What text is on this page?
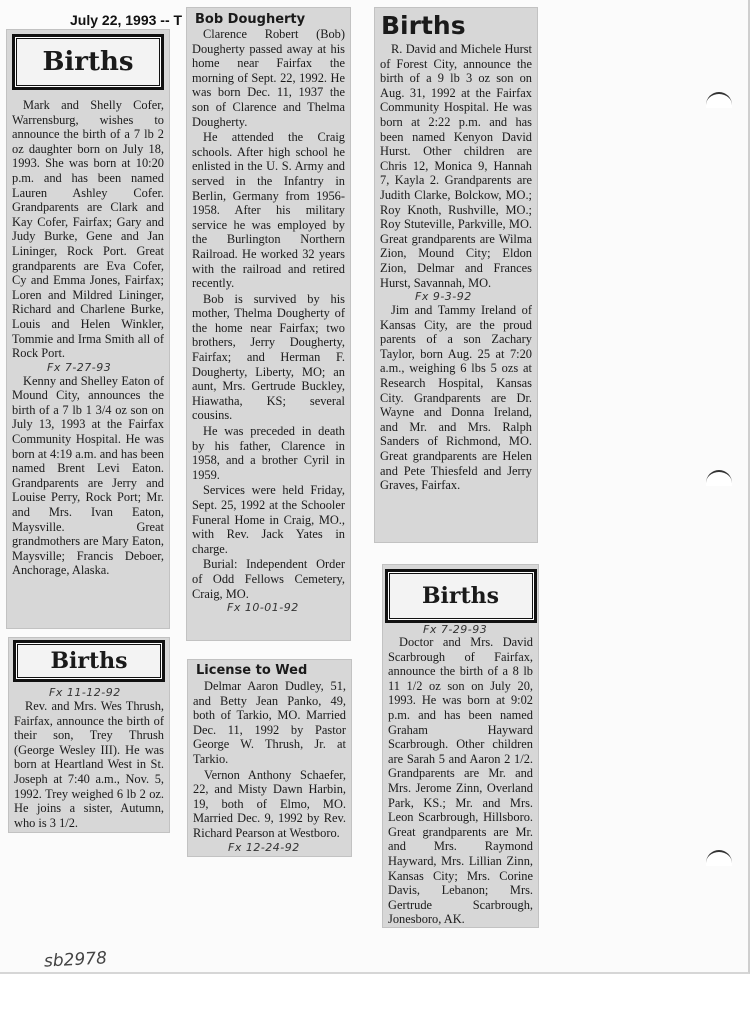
July 22, 1993 -- T
Births

Mark and Shelly Cofer, Warrensburg, wishes to announce the birth of a 7 lb 2 oz daughter born on July 18, 1993. She was born at 10:20 p.m. and has been named Lauren Ashley Cofer. Grandparents are Clark and Kay Cofer, Fairfax; Gary and Judy Burke, Gene and Jan Lininger, Rock Port. Great grandparents are Eva Cofer, Cy and Emma Jones, Fairfax; Loren and Mildred Lininger, Richard and Charlene Burke, Louis and Helen Winkler, Tommie and Irma Smith all of Rock Port.

Fx 7-27-93

Kenny and Shelley Eaton of Mound City, announces the birth of a 7 lb 1 3/4 oz son on July 13, 1993 at the Fairfax Community Hospital. He was born at 4:19 a.m. and has been named Brent Levi Eaton. Grandparents are Jerry and Louise Perry, Rock Port; Mr. and Mrs. Ivan Eaton, Maysville. Great grandmothers are Mary Eaton, Maysville; Francis Deboer, Anchorage, Alaska.

Births
Fx 11-12-92

Rev. and Mrs. Wes Thrush, Fairfax, announce the birth of their son, Trey Thrush (George Wesley III). He was born at Heartland West in St. Joseph at 7:40 a.m., Nov. 5, 1992. Trey weighed 6 lb 2 oz. He joins a sister, Autumn, who is 3 1/2.

Bob Dougherty

Clarence Robert (Bob) Dougherty passed away at his home near Fairfax the morning of Sept. 22, 1992. He was born Dec. 11, 1937 the son of Clarence and Thelma Dougherty.

He attended the Craig schools. After high school he enlisted in the U. S. Army and served in the Infantry in Berlin, Germany from 1956-1958. After his military service he was employed by the Burlington Northern Railroad. He worked 32 years with the railroad and retired recently.

Bob is survived by his mother, Thelma Dougherty of the home near Fairfax; two brothers, Jerry Dougherty, Fairfax; and Herman F. Dougherty, Liberty, MO; an aunt, Mrs. Gertrude Buckley, Hiawatha, KS; several cousins.

He was preceded in death by his father, Clarence in 1958, and a brother Cyril in 1959.

Services were held Friday, Sept. 25, 1992 at the Schooler Funeral Home in Craig, MO., with Rev. Jack Yates in charge.

Burial: Independent Order of Odd Fellows Cemetery, Craig, MO.

Fx 10-01-92
License to Wed

Delmar Aaron Dudley, 51, and Betty Jean Panko, 49, both of Tarkio, MO. Married Dec. 11, 1992 by Pastor George W. Thrush, Jr. at Tarkio.

Vernon Anthony Schaefer, 22, and Misty Dawn Harbin, 19, both of Elmo, MO. Married Dec. 9, 1992 by Rev. Richard Pearson at Westboro.

Fx 12-24-92
Births

R. David and Michele Hurst of Forest City, announce the birth of a 9 lb 3 oz son on Aug. 31, 1992 at the Fairfax Community Hospital. He was born at 2:22 p.m. and has been named Kenyon David Hurst. Other children are Chris 12, Monica 9, Hannah 7, Kayla 2. Grandparents are Judith Clarke, Bolckow, MO.; Roy Knoth, Rushville, MO.; Roy Stuteville, Parkville, MO. Great grandparents are Wilma Zion, Mound City; Eldon Zion, Delmar and Frances Hurst, Savannah, MO.

Fx 9-3-92

Jim and Tammy Ireland of Kansas City, are the proud parents of a son Zachary Taylor, born Aug. 25 at 7:20 a.m., weighing 6 lbs 5 ozs at Research Hospital, Kansas City. Grandparents are Dr. Wayne and Donna Ireland, and Mr. and Mrs. Ralph Sanders of Richmond, MO. Great grandparents are Helen and Pete Thiesfeld and Jerry Graves, Fairfax.

Births
Fx 7-29-93

Doctor and Mrs. David Scarbrough of Fairfax, announce the birth of a 8 lb 11 1/2 oz son on July 20, 1993. He was born at 9:02 p.m. and has been named Graham Hayward Scarbrough. Other children are Sarah 5 and Aaron 2 1/2. Grandparents are Mr. and Mrs. Jerome Zinn, Overland Park, KS.; Mr. and Mrs. Leon Scarbrough, Hillsboro. Great grandparents are Mr. and Mrs. Raymond Hayward, Mrs. Lillian Zinn, Kansas City; Mrs. Corine Davis, Lebanon; Mrs. Gertrude Scarbrough, Jonesboro, AK.

sb2978
